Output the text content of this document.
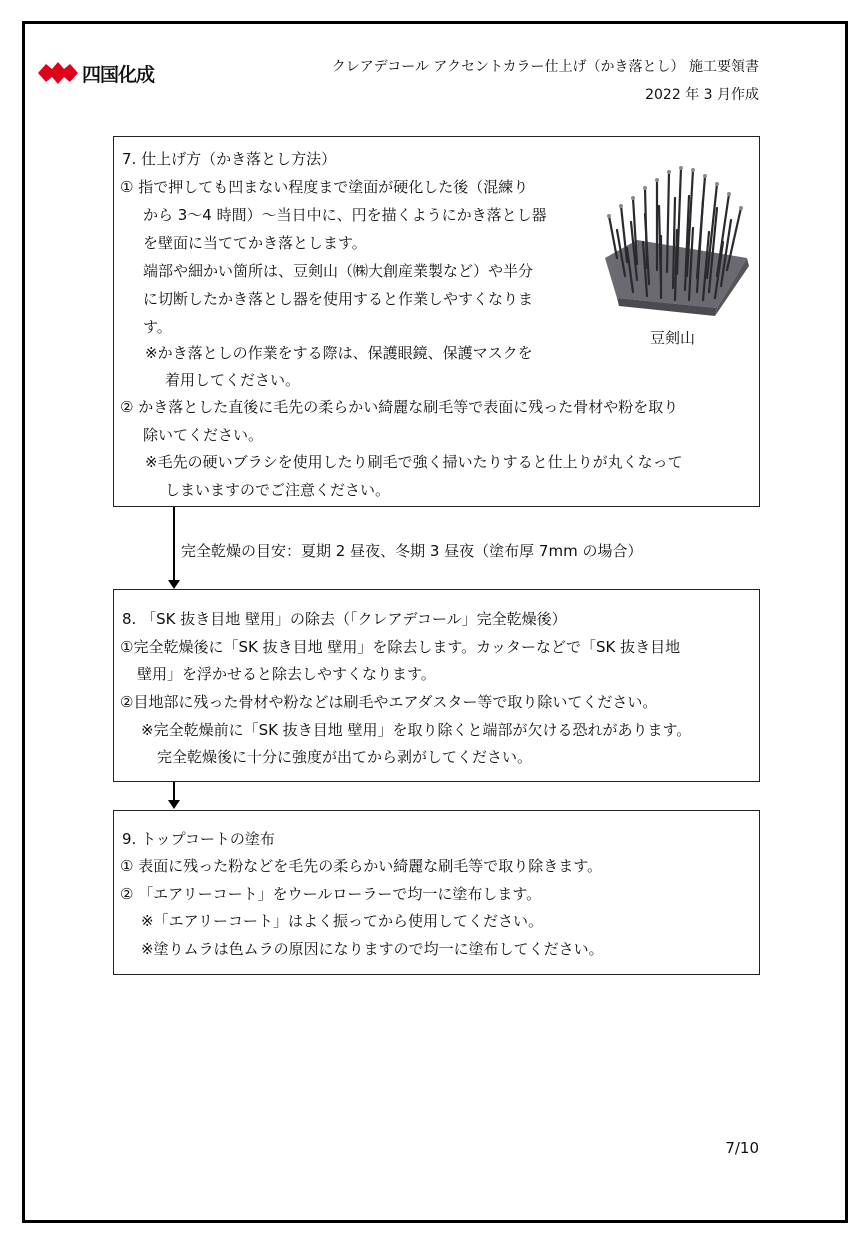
四国化成	クレアデコール アクセントカラー仕上げ（かき落とし） 施工要領書
2022 年 3 月作成
7. 仕上げ方（かき落とし方法）
① 指で押しても凹まない程度まで塗面が硬化した後（混練り
から 3〜4 時間）〜当日中に、円を描くようにかき落とし器
を壁面に当ててかき落とします。
端部や細かい箇所は、豆剣山（㈱大創産業製など）や半分
に切断したかき落とし器を使用すると作業しやすくなりま
す。
※かき落としの作業をする際は、保護眼鏡、保護マスクを
着用してください。
② かき落とした直後に毛先の柔らかい綺麗な刷毛等で表面に残った骨材や粉を取り
除いてください。
※毛先の硬いブラシを使用したり刷毛で強く掃いたりすると仕上りが丸くなって
しまいますのでご注意ください。
豆剣山
完全乾燥の目安：夏期 2 昼夜、冬期 3 昼夜（塗布厚 7mm の場合）
8. 「SK 抜き目地 壁用」の除去（「クレアデコール」完全乾燥後）
①完全乾燥後に「SK 抜き目地 壁用」を除去します。カッターなどで「SK 抜き目地
壁用」を浮かせると除去しやすくなります。
②目地部に残った骨材や粉などは刷毛やエアダスター等で取り除いてください。
※完全乾燥前に「SK 抜き目地 壁用」を取り除くと端部が欠ける恐れがあります。
完全乾燥後に十分に強度が出てから剥がしてください。
9. トップコートの塗布
① 表面に残った粉などを毛先の柔らかい綺麗な刷毛等で取り除きます。
② 「エアリーコート」をウールローラーで均一に塗布します。
※「エアリーコート」はよく振ってから使用してください。
※塗りムラは色ムラの原因になりますので均一に塗布してください。
7/10
